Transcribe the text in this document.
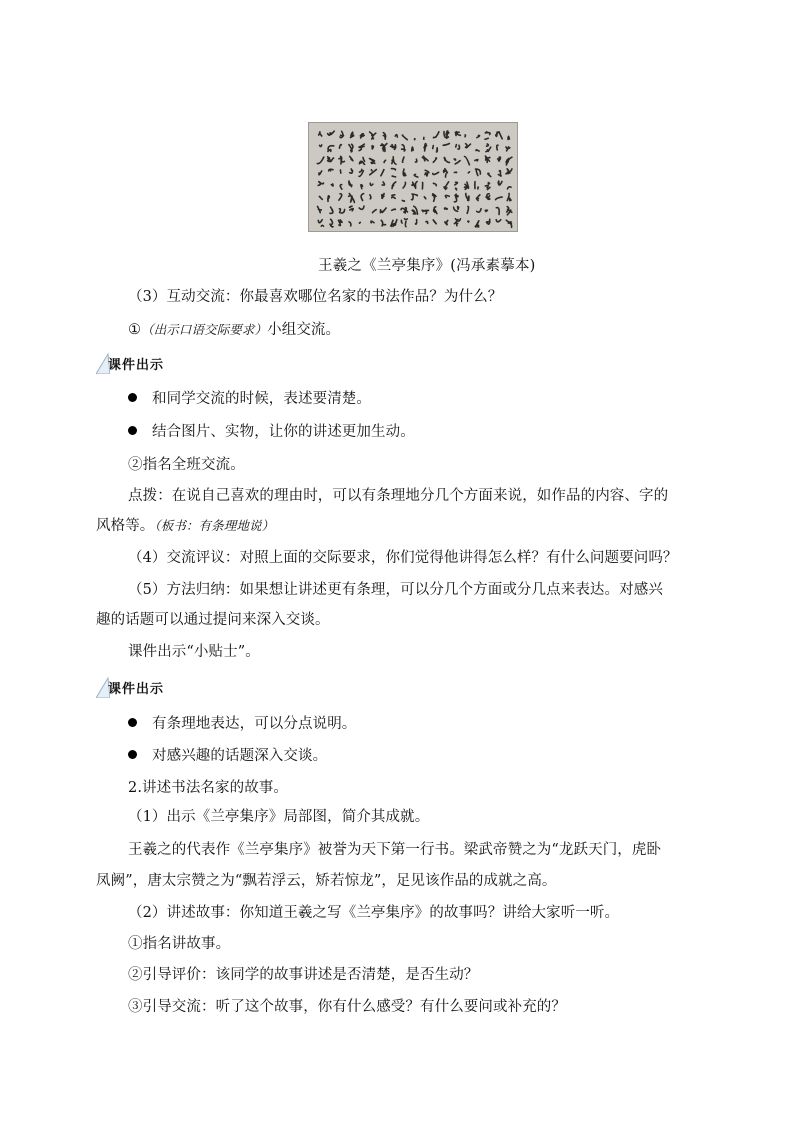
王羲之《兰亭集序》(冯承素摹本)
（3）互动交流：你最喜欢哪位名家的书法作品？为什么？
①（出示口语交际要求）小组交流。
课件出示
和同学交流的时候，表述要清楚。
结合图片、实物，让你的讲述更加生动。
②指名全班交流。
点拨：在说自己喜欢的理由时，可以有条理地分几个方面来说，如作品的内容、字的
风格等。（板书：有条理地说）
（4）交流评议：对照上面的交际要求，你们觉得他讲得怎么样？有什么问题要问吗？
（5）方法归纳：如果想让讲述更有条理，可以分几个方面或分几点来表达。对感兴
趣的话题可以通过提问来深入交谈。
课件出示“小贴士”。
课件出示
有条理地表达，可以分点说明。
对感兴趣的话题深入交谈。
2.讲述书法名家的故事。
（1）出示《兰亭集序》局部图，简介其成就。
王羲之的代表作《兰亭集序》被誉为天下第一行书。梁武帝赞之为“龙跃天门，虎卧
凤阙”，唐太宗赞之为“飘若浮云，矫若惊龙”，足见该作品的成就之高。
（2）讲述故事：你知道王羲之写《兰亭集序》的故事吗？讲给大家听一听。
①指名讲故事。
②引导评价：该同学的故事讲述是否清楚，是否生动？
③引导交流：听了这个故事，你有什么感受？有什么要问或补充的？
